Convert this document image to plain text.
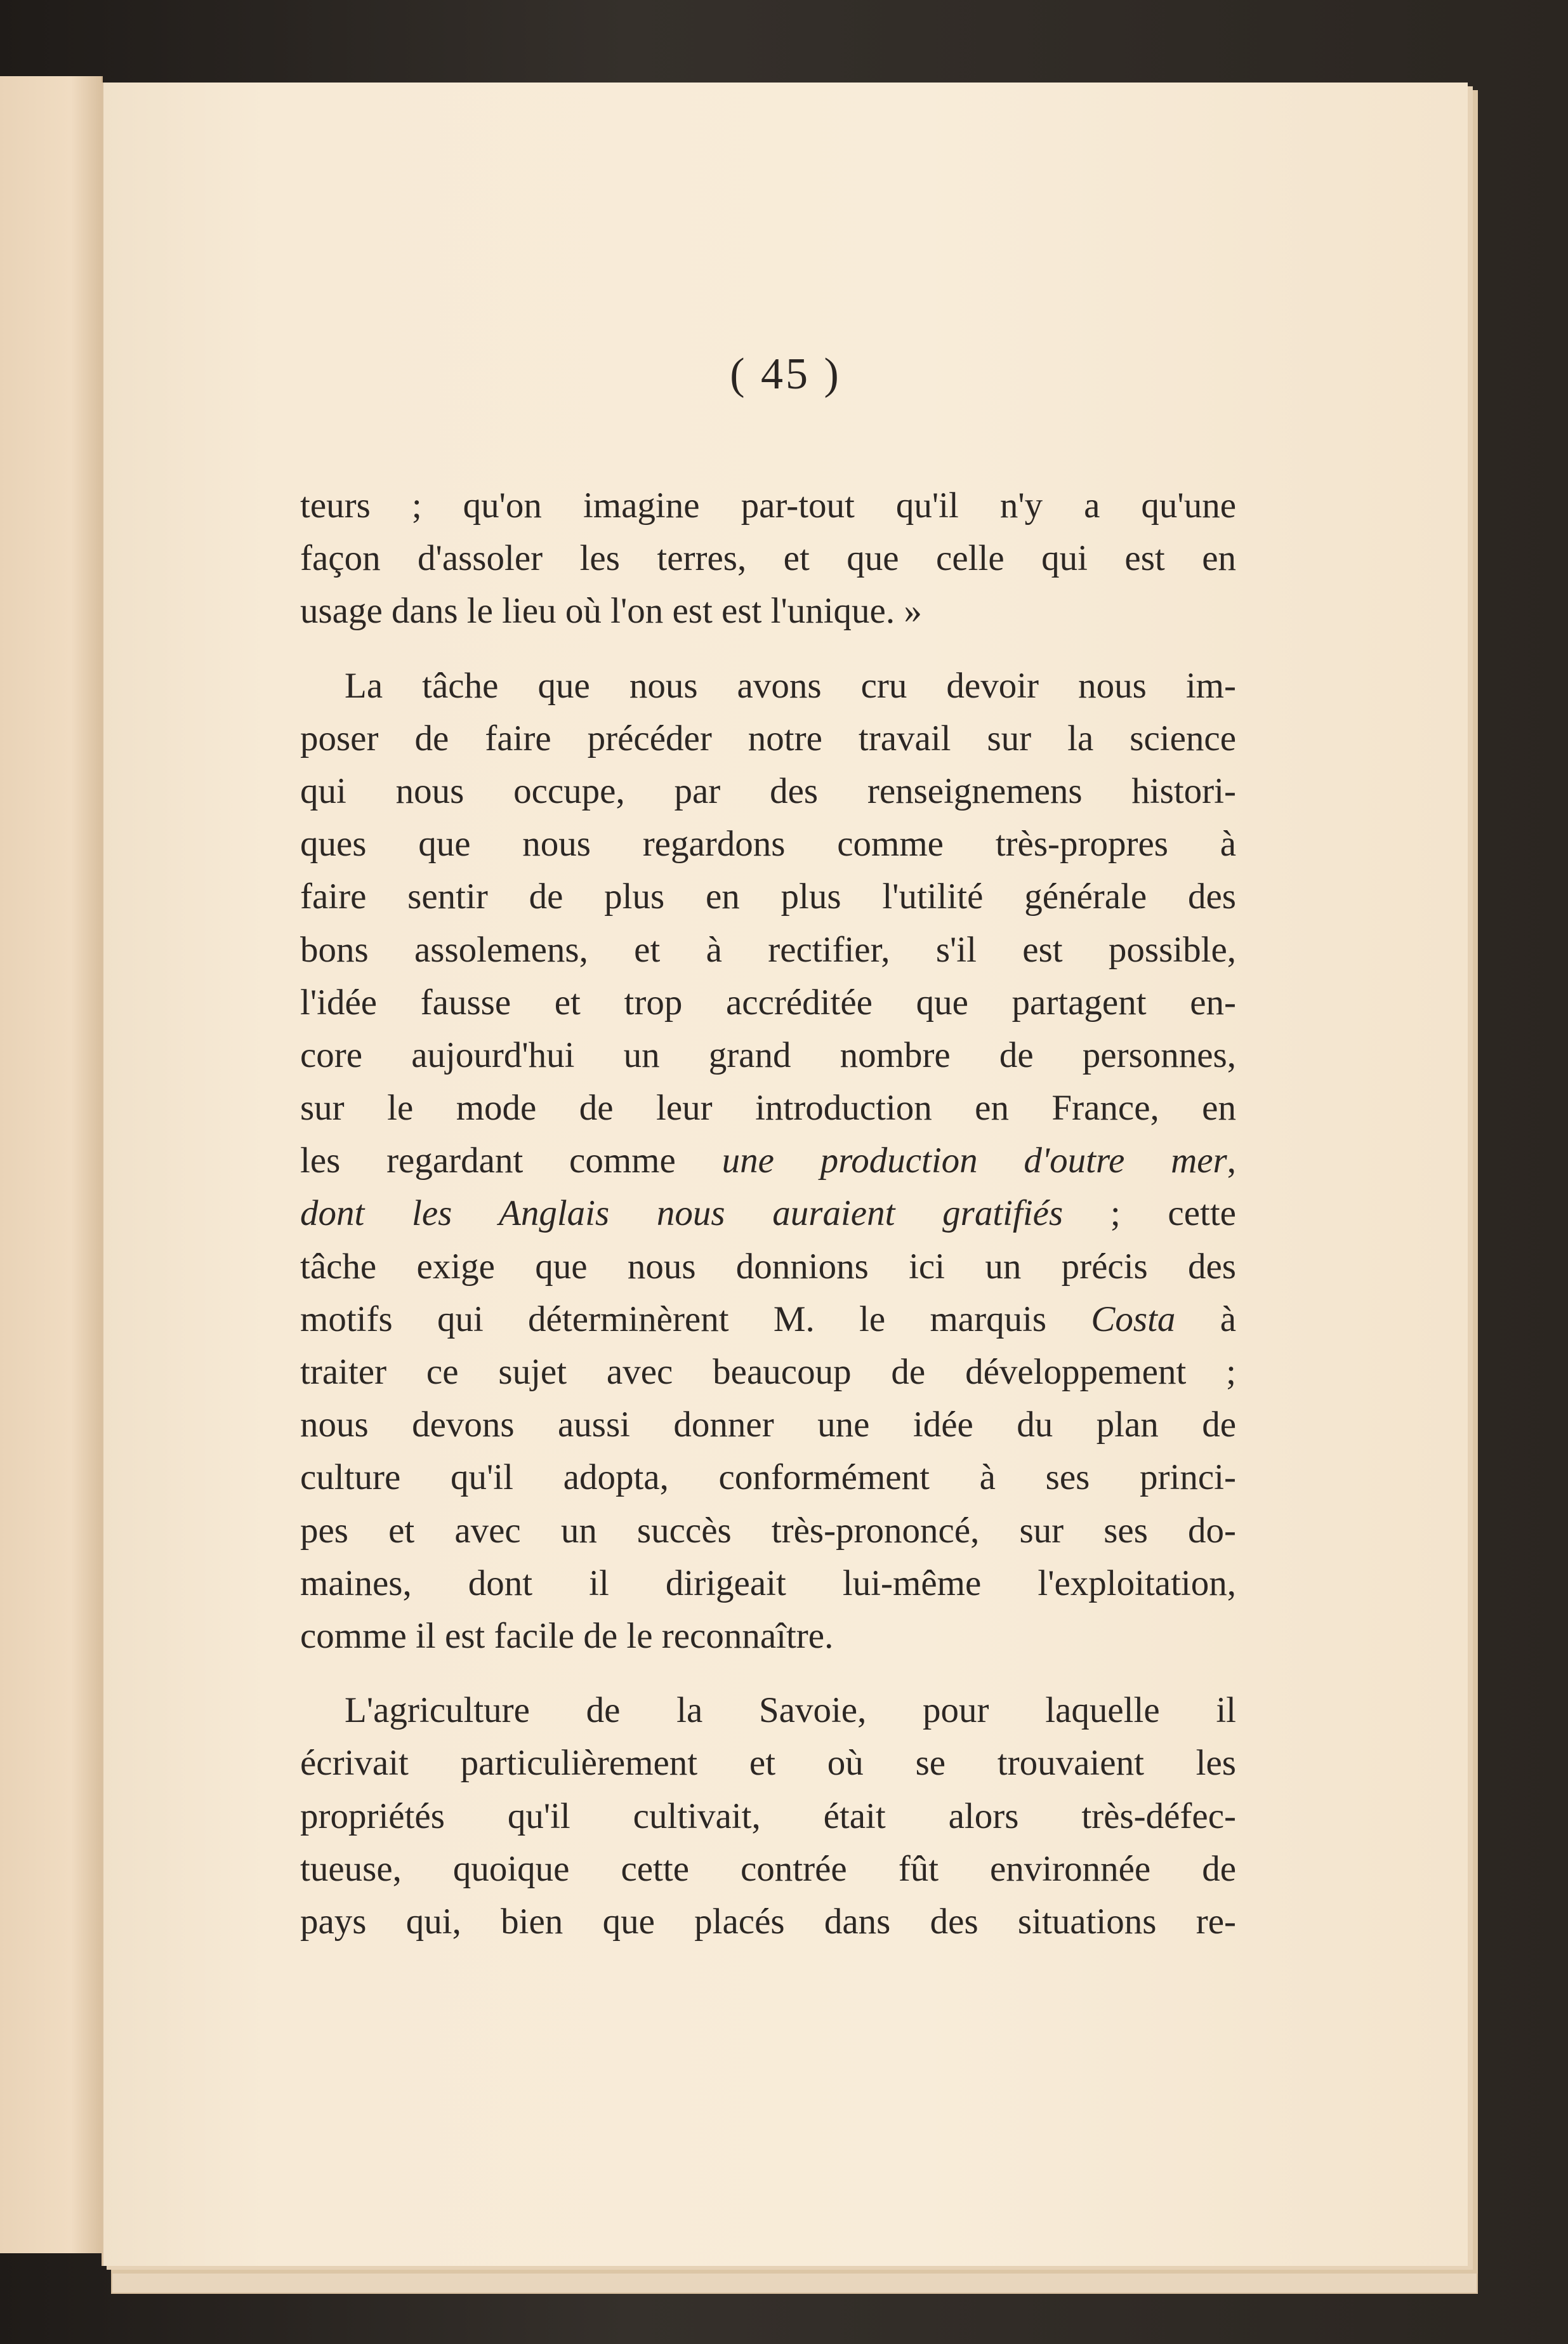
( 45 )
teurs ; qu'on imagine par-tout qu'il n'y a qu'une
façon d'assoler les terres, et que celle qui est en
usage dans le lieu où l'on est est l'unique. »
La tâche que nous avons cru devoir nous im-
poser de faire précéder notre travail sur la science
qui nous occupe, par des renseignemens histori-
ques que nous regardons comme très-propres à
faire sentir de plus en plus l'utilité générale des
bons assolemens, et à rectifier, s'il est possible,
l'idée fausse et trop accréditée que partagent en-
core aujourd'hui un grand nombre de personnes,
sur le mode de leur introduction en France, en
les regardant comme une production d'outre mer,
dont les Anglais nous auraient gratifiés ; cette
tâche exige que nous donnions ici un précis des
motifs qui déterminèrent M. le marquis Costa à
traiter ce sujet avec beaucoup de développement ;
nous devons aussi donner une idée du plan de
culture qu'il adopta, conformément à ses princi-
pes et avec un succès très-prononcé, sur ses do-
maines, dont il dirigeait lui-même l'exploitation,
comme il est facile de le reconnaître.
L'agriculture de la Savoie, pour laquelle il
écrivait particulièrement et où se trouvaient les
propriétés qu'il cultivait, était alors très-défec-
tueuse, quoique cette contrée fût environnée de
pays qui, bien que placés dans des situations re-
